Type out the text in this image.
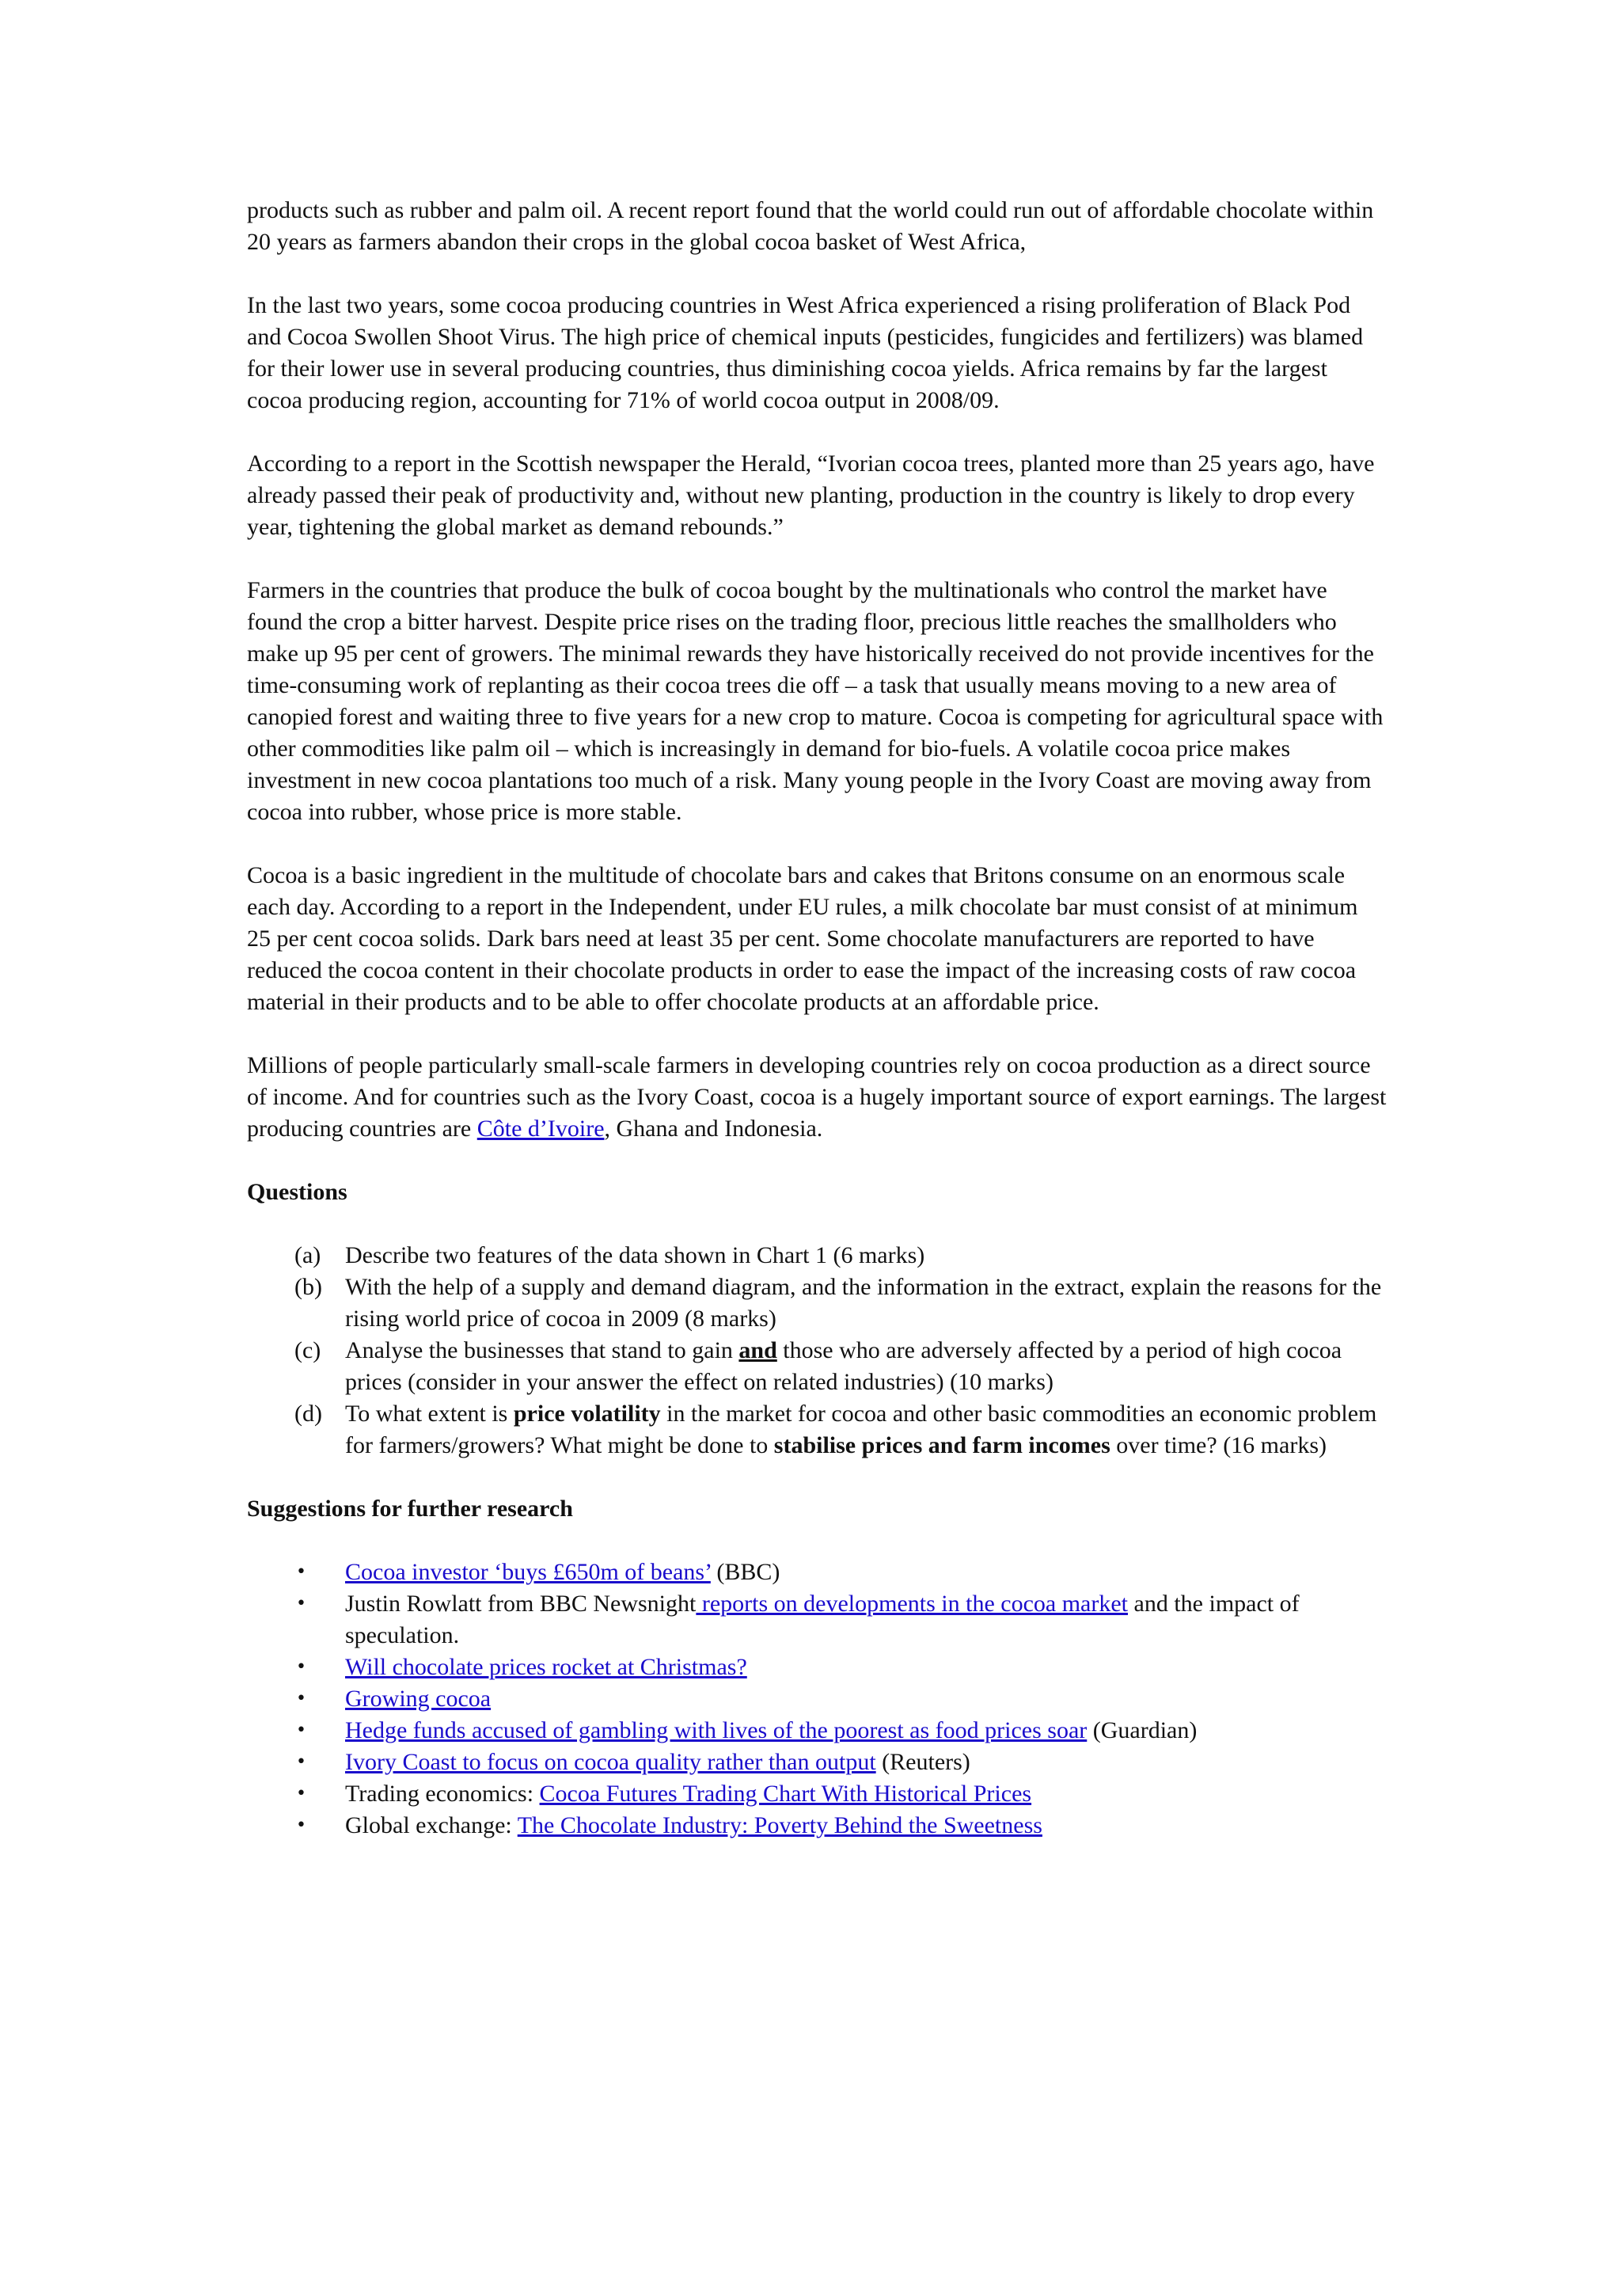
products such as rubber and palm oil. A recent report found that the world could run out of affordable chocolate within 20 years as farmers abandon their crops in the global cocoa basket of West Africa,

In the last two years, some cocoa producing countries in West Africa experienced a rising proliferation of Black Pod and Cocoa Swollen Shoot Virus. The high price of chemical inputs (pesticides, fungicides and fertilizers) was blamed for their lower use in several producing countries, thus diminishing cocoa yields. Africa remains by far the largest cocoa producing region, accounting for 71% of world cocoa output in 2008/09.

According to a report in the Scottish newspaper the Herald, “Ivorian cocoa trees, planted more than 25 years ago, have already passed their peak of productivity and, without new planting, production in the country is likely to drop every year, tightening the global market as demand rebounds.”

Farmers in the countries that produce the bulk of cocoa bought by the multinationals who control the market have found the crop a bitter harvest. Despite price rises on the trading floor, precious little reaches the smallholders who make up 95 per cent of growers. The minimal rewards they have historically received do not provide incentives for the time-consuming work of replanting as their cocoa trees die off – a task that usually means moving to a new area of canopied forest and waiting three to five years for a new crop to mature. Cocoa is competing for agricultural space with other commodities like palm oil – which is increasingly in demand for bio-fuels. A volatile cocoa price makes investment in new cocoa plantations too much of a risk. Many young people in the Ivory Coast are moving away from cocoa into rubber, whose price is more stable.

Cocoa is a basic ingredient in the multitude of chocolate bars and cakes that Britons consume on an enormous scale each day. According to a report in the Independent, under EU rules, a milk chocolate bar must consist of at minimum 25 per cent cocoa solids. Dark bars need at least 35 per cent. Some chocolate manufacturers are reported to have reduced the cocoa content in their chocolate products in order to ease the impact of the increasing costs of raw cocoa material in their products and to be able to offer chocolate products at an affordable price.

Millions of people particularly small-scale farmers in developing countries rely on cocoa production as a direct source of income. And for countries such as the Ivory Coast, cocoa is a hugely important source of export earnings. The largest producing countries are Côte d’Ivoire, Ghana and Indonesia.

Questions
(a) Describe two features of the data shown in Chart 1 (6 marks)
(b) With the help of a supply and demand diagram, and the information in the extract, explain the reasons for the rising world price of cocoa in 2009 (8 marks)
(c) Analyse the businesses that stand to gain and those who are adversely affected by a period of high cocoa prices (consider in your answer the effect on related industries) (10 marks)
(d) To what extent is price volatility in the market for cocoa and other basic commodities an economic problem for farmers/growers? What might be done to stabilise prices and farm incomes over time? (16 marks)
Suggestions for further research
• Cocoa investor ‘buys £650m of beans’ (BBC)
• Justin Rowlatt from BBC Newsnight reports on developments in the cocoa market and the impact of speculation.
• Will chocolate prices rocket at Christmas?
• Growing cocoa
• Hedge funds accused of gambling with lives of the poorest as food prices soar (Guardian)
• Ivory Coast to focus on cocoa quality rather than output (Reuters)
• Trading economics: Cocoa Futures Trading Chart With Historical Prices
• Global exchange: The Chocolate Industry: Poverty Behind the Sweetness
